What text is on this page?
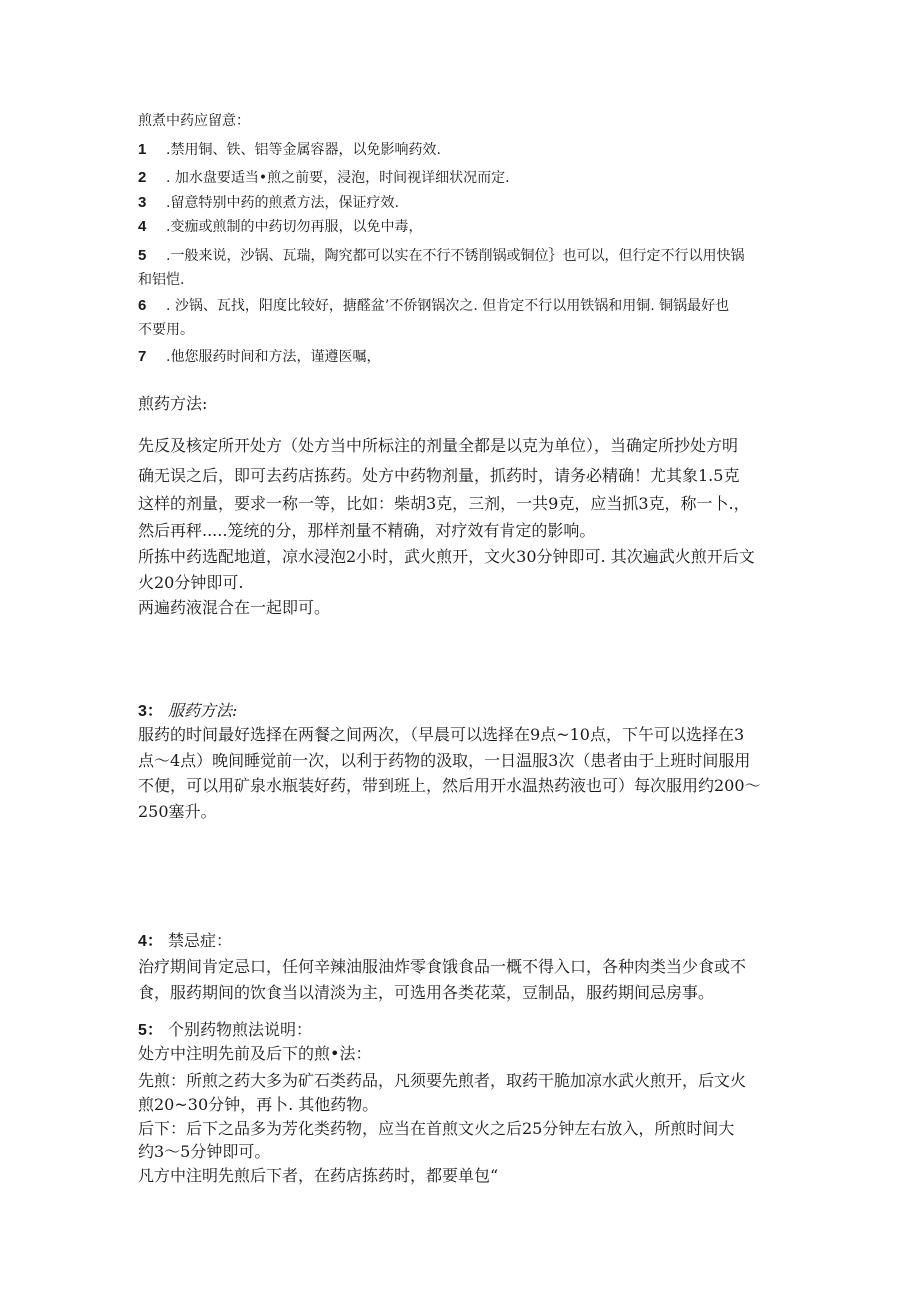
煎煮中药应留意：
1 .禁用铜、铁、铝等金属容器，以免影响药效.
2 . 加水盘要适当•煎之前要，浸泡，时间视详细状况而定.
3 .留意特别中药的煎煮方法，保证疗效.
4 .变痂或煎制的中药切勿再服，以免中毒，
5 .一般来说，沙锅、瓦瑞，陶究都可以实在不行不锈削锅或铜位｝也可以，但行定不行以用快锅
和铝恺.
6 . 沙锅、瓦找，阳度比较好，搪醛盆’不侨钢锅次之. 但肯定不行以用铁锅和用铜. 铜锅最好也
不要用。
7 .他您服药时间和方法，谨遵医嘱，
煎药方法:
先反及核定所开处方（处方当中所标注的剂量全都是以克为单位），当确定所抄处方明
确无误之后，即可去药店拣药。处方中药物剂量，抓药时，请务必精确！尤其象1.5克
这样的剂量，要求一称一等，比如：柴胡3克，三剂，一共9克，应当抓3克，称一卜.，
然后再秤.....笼统的分，那样剂量不精确，对疗效有肯定的影响。
所拣中药选配地道，凉水浸泡2小时，武火煎开，文火30分钟即可. 其次遍武火煎开后文
火20分钟即可.
两遍药液混合在一起即可。
3： 服药方法:
服药的时间最好选择在两餐之间两次，（早晨可以选择在9点~10点，下午可以选择在3
点～4点）晚间睡觉前一次，以利于药物的汲取，一日温服3次（患者由于上班时间服用
不便，可以用矿泉水瓶装好药，带到班上，然后用开水温热药液也可）每次服用约200～
250塞升。
4： 禁忌症：
治疗期间肯定忌口，任何辛辣油服油炸零食饿食品一概不得入口，各种肉类当少食或不
食，服药期间的饮食当以清淡为主，可选用各类花菜，豆制品，服药期间忌房事。
5： 个别药物煎法说明：
处方中注明先前及后下的煎•法：
先煎：所煎之药大多为矿石类药品，凡须要先煎者，取药干脆加凉水武火煎开，后文火
煎20~30分钟，再卜. 其他药物。
后下：后下之品多为芳化类药物，应当在首煎文火之后25分钟左右放入，所煎时间大
约3～5分钟即可。
凡方中注明先煎后下者，在药店拣药时，都要单包“
